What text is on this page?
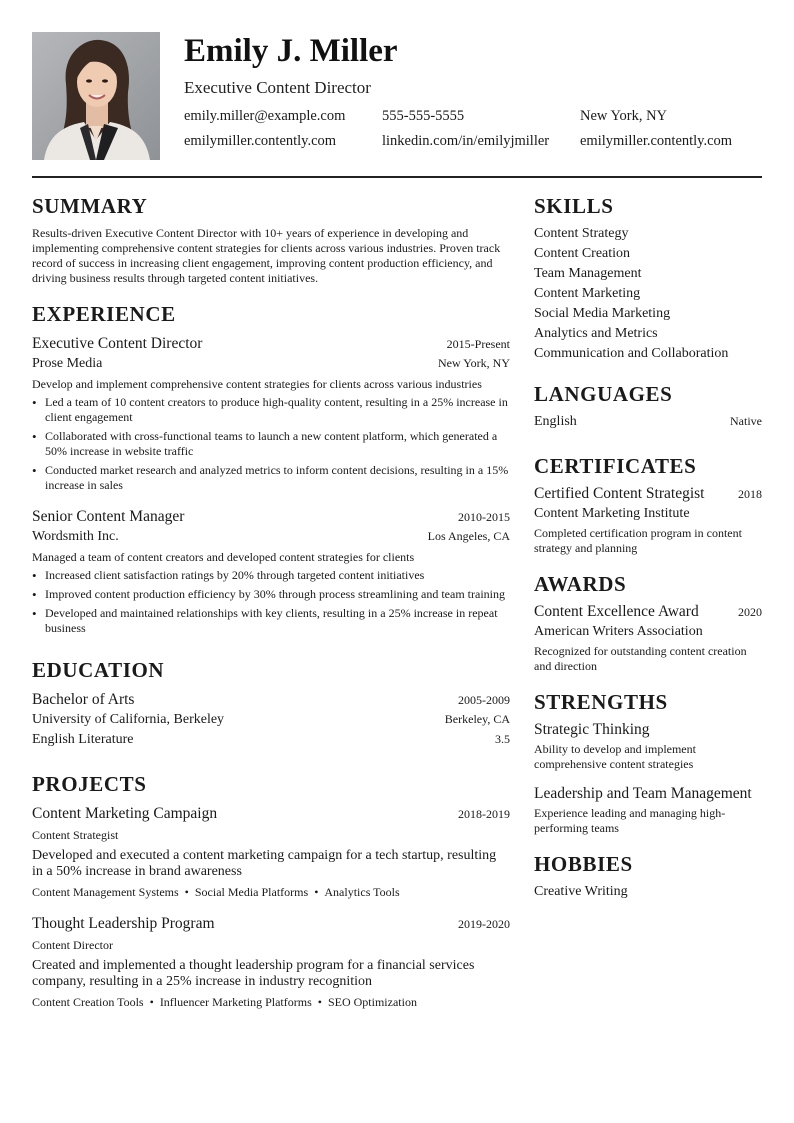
Emily J. Miller
Executive Content Director
emily.miller@example.com	555-555-5555	New York, NY
emilymiller.contently.com	linkedin.com/in/emilyjmiller	emilymiller.contently.com
SUMMARY
Results-driven Executive Content Director with 10+ years of experience in developing and implementing comprehensive content strategies for clients across various industries. Proven track record of success in increasing client engagement, improving content production efficiency, and driving business results through targeted content initiatives.
EXPERIENCE
Executive Content Director	2015-Present
Prose Media	New York, NY
Develop and implement comprehensive content strategies for clients across various industries
• Led a team of 10 content creators to produce high-quality content, resulting in a 25% increase in client engagement
• Collaborated with cross-functional teams to launch a new content platform, which generated a 50% increase in website traffic
• Conducted market research and analyzed metrics to inform content decisions, resulting in a 15% increase in sales
Senior Content Manager	2010-2015
Wordsmith Inc.	Los Angeles, CA
Managed a team of content creators and developed content strategies for clients
• Increased client satisfaction ratings by 20% through targeted content initiatives
• Improved content production efficiency by 30% through process streamlining and team training
• Developed and maintained relationships with key clients, resulting in a 25% increase in repeat business
EDUCATION
Bachelor of Arts	2005-2009
University of California, Berkeley	Berkeley, CA
English Literature	3.5
PROJECTS
Content Marketing Campaign	2018-2019
Content Strategist
Developed and executed a content marketing campaign for a tech startup, resulting in a 50% increase in brand awareness
Content Management Systems • Social Media Platforms • Analytics Tools
Thought Leadership Program	2019-2020
Content Director
Created and implemented a thought leadership program for a financial services company, resulting in a 25% increase in industry recognition
Content Creation Tools • Influencer Marketing Platforms • SEO Optimization
SKILLS
Content Strategy
Content Creation
Team Management
Content Marketing
Social Media Marketing
Analytics and Metrics
Communication and Collaboration
LANGUAGES
English	Native
CERTIFICATES
Certified Content Strategist	2018
Content Marketing Institute
Completed certification program in content strategy and planning
AWARDS
Content Excellence Award	2020
American Writers Association
Recognized for outstanding content creation and direction
STRENGTHS
Strategic Thinking
Ability to develop and implement comprehensive content strategies
Leadership and Team Management
Experience leading and managing high-performing teams
HOBBIES
Creative Writing
